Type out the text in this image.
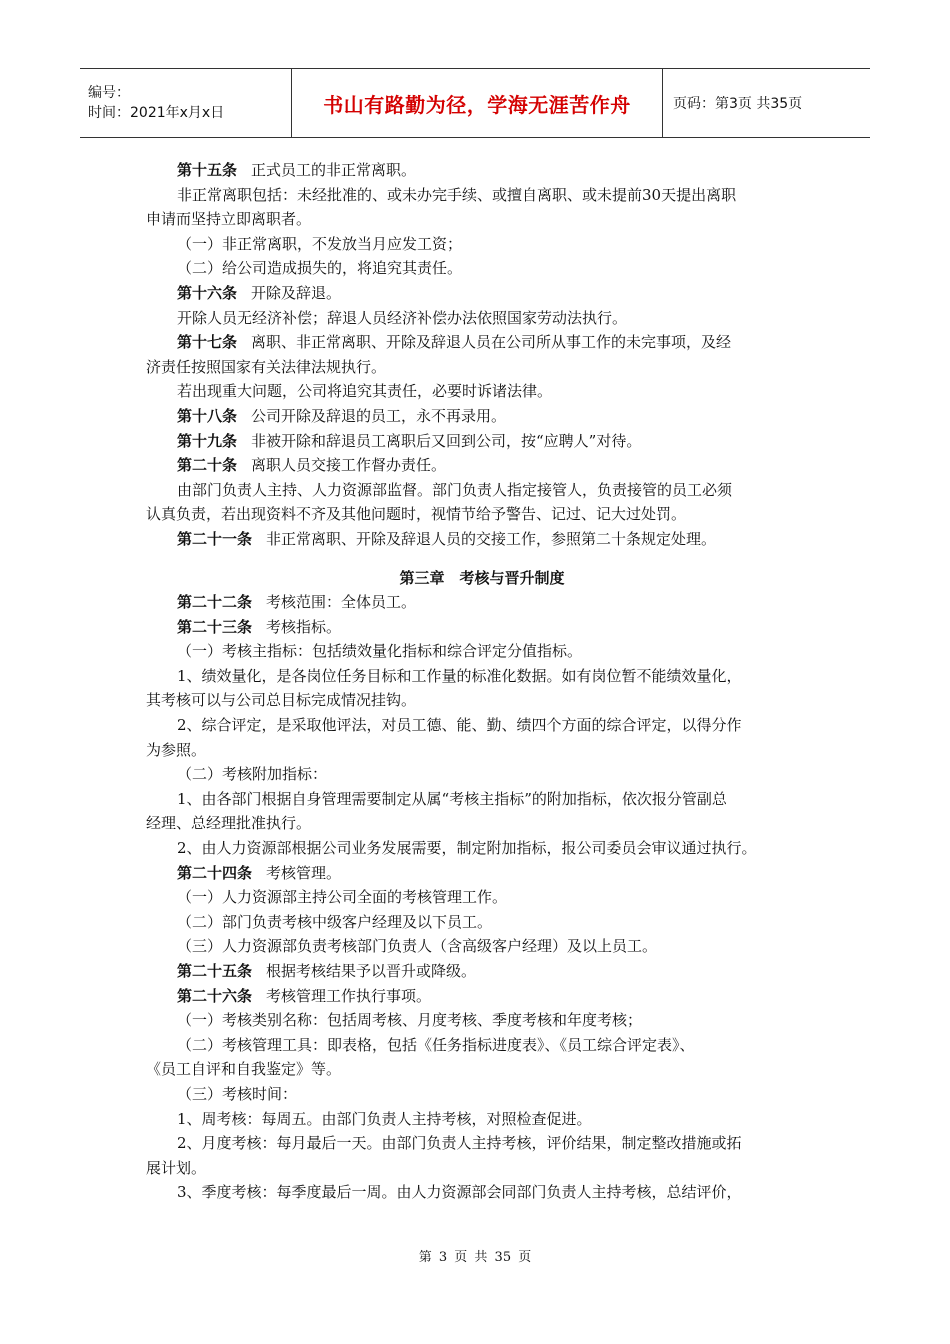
编号：
时间：2021年x月x日	书山有路勤为径，学海无涯苦作舟	页码：第3页 共35页
第十五条 正式员工的非正常离职。
非正常离职包括：未经批准的、或未办完手续、或擅自离职、或未提前30天提出离职
申请而坚持立即离职者。
（一）非正常离职，不发放当月应发工资；
（二）给公司造成损失的，将追究其责任。
第十六条 开除及辞退。
开除人员无经济补偿；辞退人员经济补偿办法依照国家劳动法执行。
第十七条 离职、非正常离职、开除及辞退人员在公司所从事工作的未完事项，及经
济责任按照国家有关法律法规执行。
若出现重大问题，公司将追究其责任，必要时诉诸法律。
第十八条 公司开除及辞退的员工，永不再录用。
第十九条 非被开除和辞退员工离职后又回到公司，按“应聘人”对待。
第二十条 离职人员交接工作督办责任。
由部门负责人主持、人力资源部监督。部门负责人指定接管人，负责接管的员工必须
认真负责，若出现资料不齐及其他问题时，视情节给予警告、记过、记大过处罚。
第二十一条 非正常离职、开除及辞退人员的交接工作，参照第二十条规定处理。
第三章　考核与晋升制度
第二十二条 考核范围：全体员工。
第二十三条 考核指标。
（一）考核主指标：包括绩效量化指标和综合评定分值指标。
1、绩效量化，是各岗位任务目标和工作量的标准化数据。如有岗位暂不能绩效量化，
其考核可以与公司总目标完成情况挂钩。
2、综合评定，是采取他评法，对员工德、能、勤、绩四个方面的综合评定，以得分作
为参照。
（二）考核附加指标：
1、由各部门根据自身管理需要制定从属“考核主指标”的附加指标，依次报分管副总
经理、总经理批准执行。
2、由人力资源部根据公司业务发展需要，制定附加指标，报公司委员会审议通过执行。
第二十四条 考核管理。
（一）人力资源部主持公司全面的考核管理工作。
（二）部门负责考核中级客户经理及以下员工。
（三）人力资源部负责考核部门负责人（含高级客户经理）及以上员工。
第二十五条 根据考核结果予以晋升或降级。
第二十六条 考核管理工作执行事项。
（一）考核类别名称：包括周考核、月度考核、季度考核和年度考核；
（二）考核管理工具：即表格，包括《任务指标进度表》、《员工综合评定表》、
《员工自评和自我鉴定》等。
（三）考核时间：
1、周考核：每周五。由部门负责人主持考核，对照检查促进。
2、月度考核：每月最后一天。由部门负责人主持考核，评价结果，制定整改措施或拓
展计划。
3、季度考核：每季度最后一周。由人力资源部会同部门负责人主持考核，总结评价，
第 3 页 共 35 页
